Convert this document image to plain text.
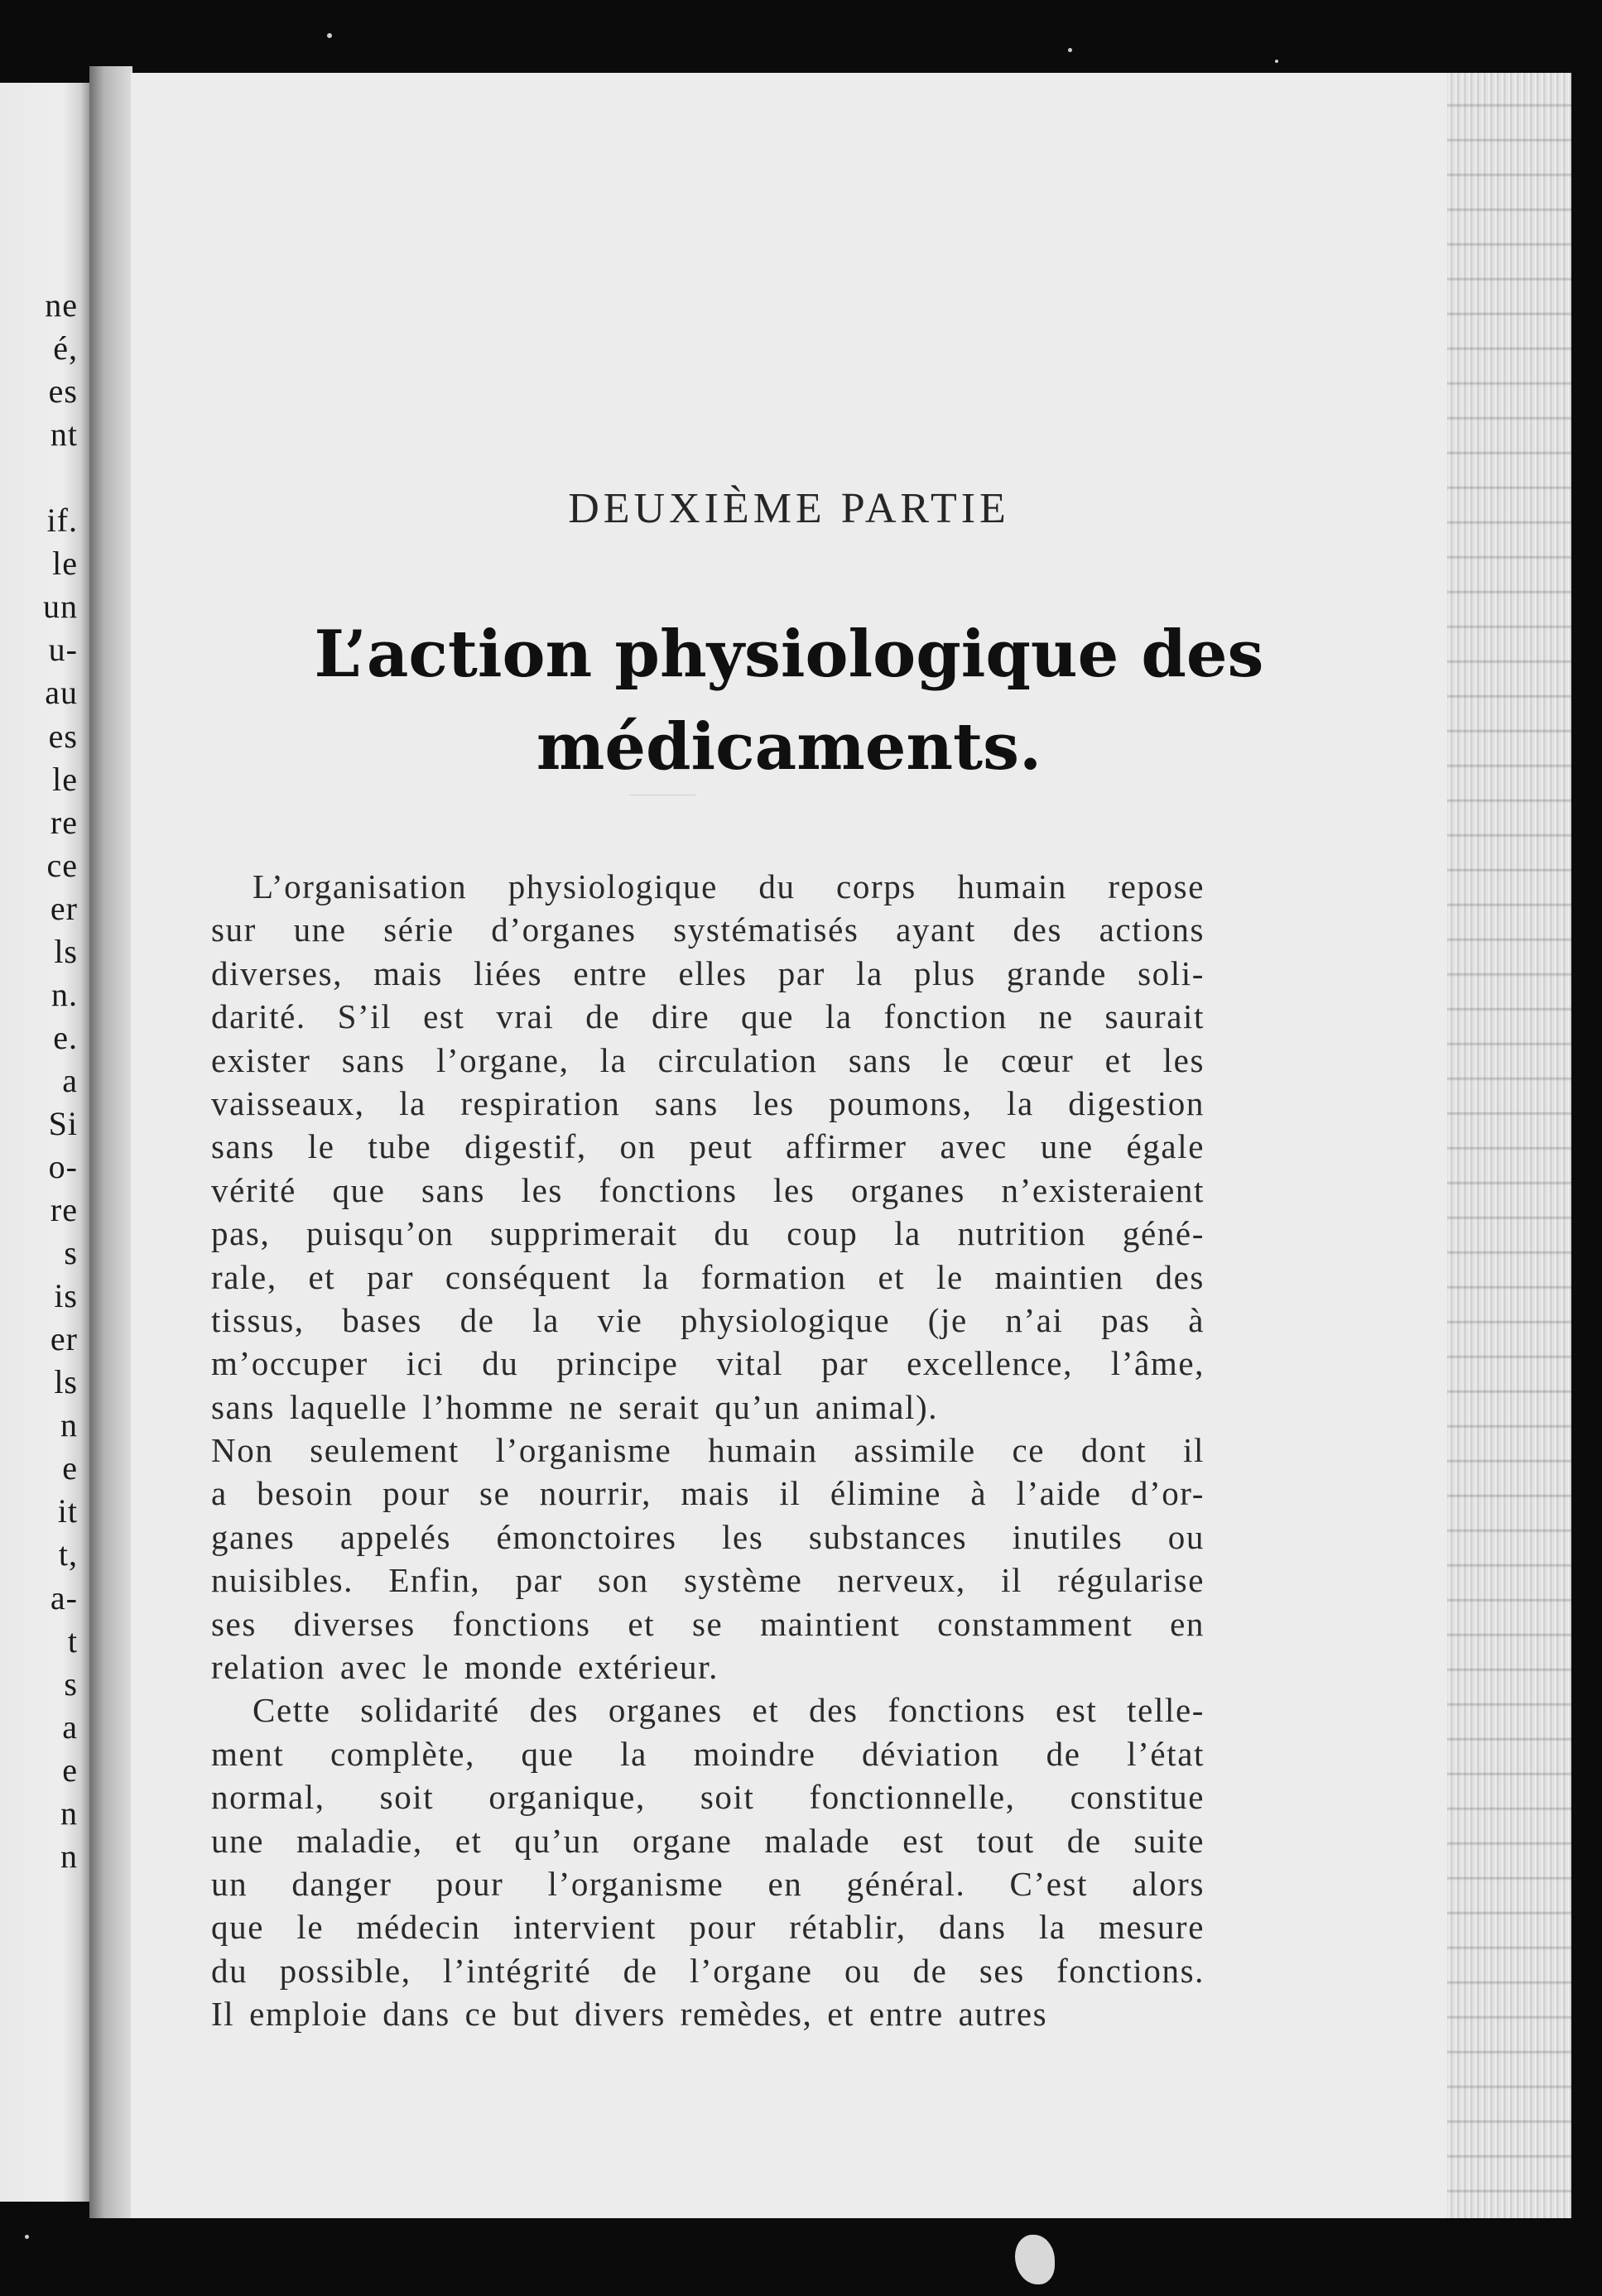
ne
é,
es
nt
if.
le
un
u-
au
es
le
re
ce
er
ls
n.
e.
a
Si
o-
re
s
is
er
ls
n
e
it
t,
a-
t
s
a
e
n
n
DEUXIÈME PARTIE
L’action physiologique des
médicaments.
L’organisation physiologique du corps humain repose
sur une série d’organes systématisés ayant des actions
diverses, mais liées entre elles par la plus grande soli-
darité. S’il est vrai de dire que la fonction ne saurait
exister sans l’organe, la circulation sans le cœur et les
vaisseaux, la respiration sans les poumons, la digestion
sans le tube digestif, on peut affirmer avec une égale
vérité que sans les fonctions les organes n’existeraient
pas, puisqu’on supprimerait du coup la nutrition géné-
rale, et par conséquent la formation et le maintien des
tissus, bases de la vie physiologique (je n’ai pas à
m’occuper ici du principe vital par excellence, l’âme,
sans laquelle l’homme ne serait qu’un animal).
Non seulement l’organisme humain assimile ce dont il
a besoin pour se nourrir, mais il élimine à l’aide d’or-
ganes appelés émonctoires les substances inutiles ou
nuisibles. Enfin, par son système nerveux, il régularise
ses diverses fonctions et se maintient constamment en
relation avec le monde extérieur.
Cette solidarité des organes et des fonctions est telle-
ment complète, que la moindre déviation de l’état
normal, soit organique, soit fonctionnelle, constitue
une maladie, et qu’un organe malade est tout de suite
un danger pour l’organisme en général. C’est alors
que le médecin intervient pour rétablir, dans la mesure
du possible, l’intégrité de l’organe ou de ses fonctions.
Il emploie dans ce but divers remèdes, et entre autres
